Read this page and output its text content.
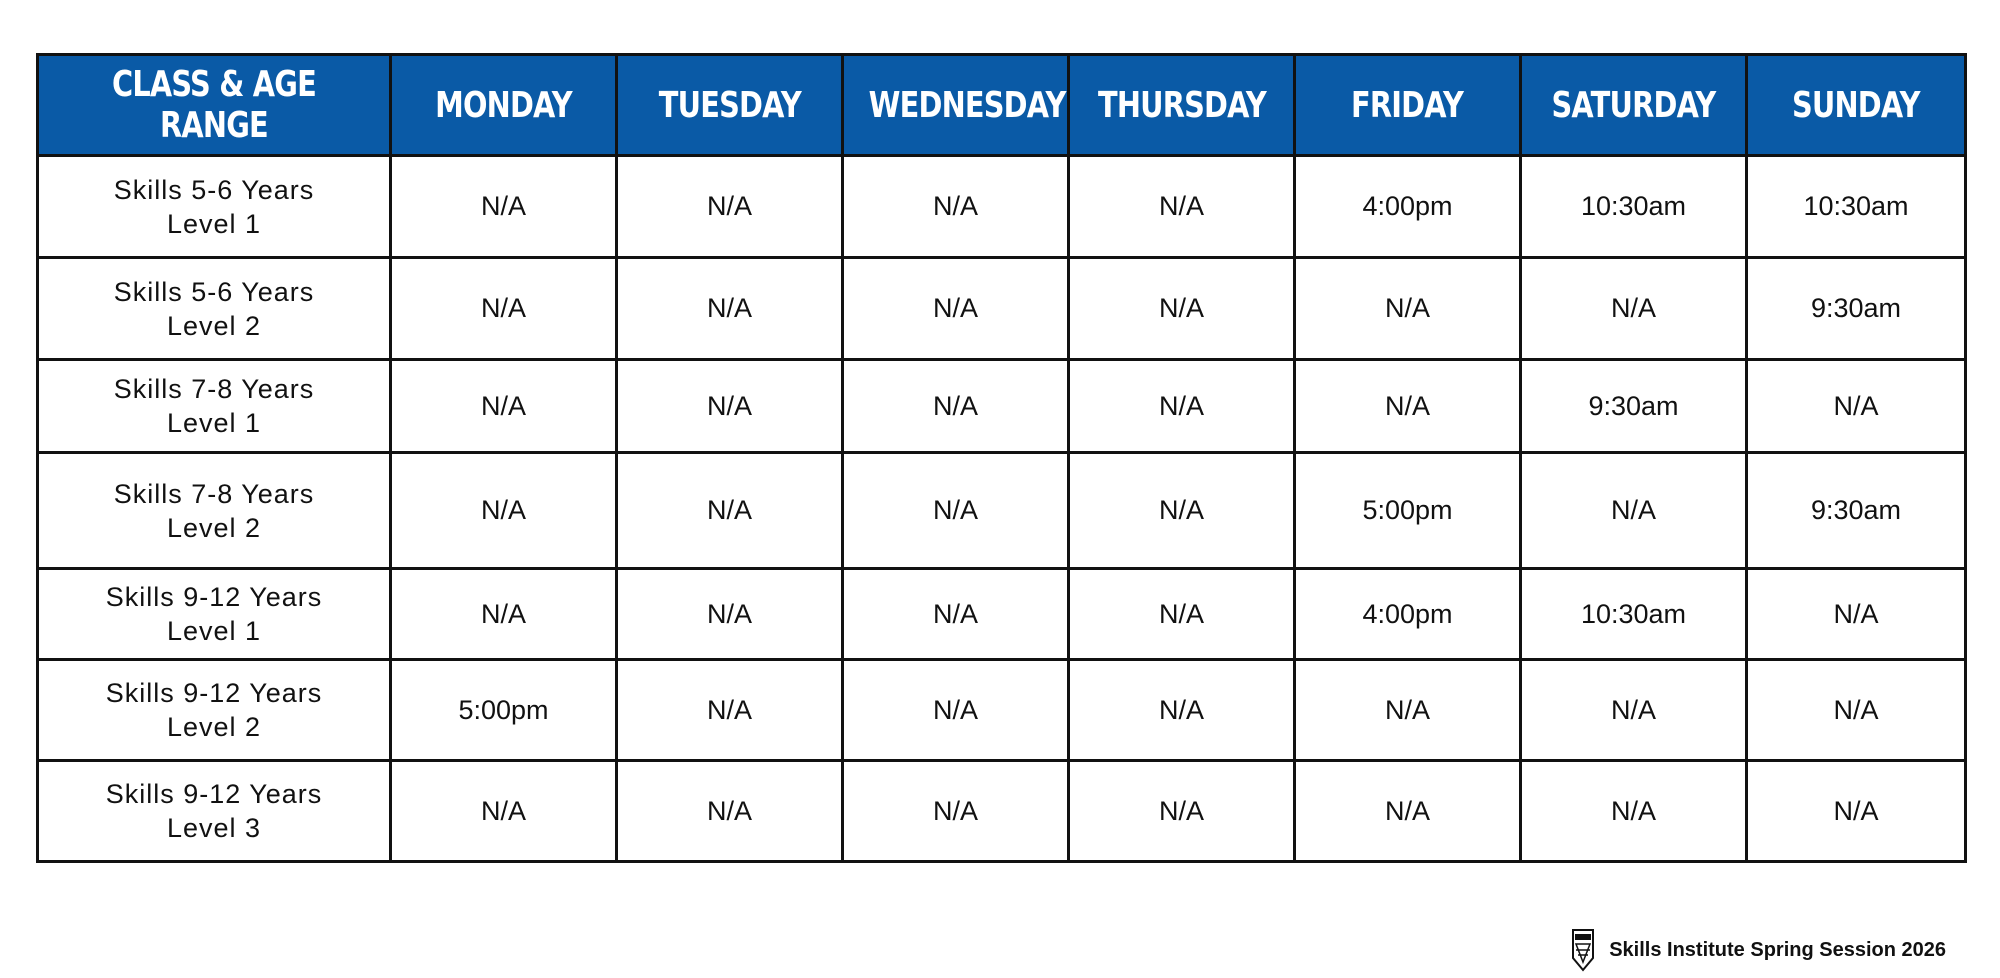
CLASS & AGE RANGE	MONDAY	TUESDAY	WEDNESDAY	THURSDAY	FRIDAY	SATURDAY	SUNDAY

Skills 5-6 Years
Level 1	N/A	N/A	N/A	N/A	4:00pm	10:30am	10:30am

Skills 5-6 Years
Level 2	N/A	N/A	N/A	N/A	N/A	N/A	9:30am

Skills 7-8 Years
Level 1	N/A	N/A	N/A	N/A	N/A	9:30am	N/A

Skills 7-8 Years
Level 2	N/A	N/A	N/A	N/A	5:00pm	N/A	9:30am

Skills 9-12 Years
Level 1	N/A	N/A	N/A	N/A	4:00pm	10:30am	N/A

Skills 9-12 Years
Level 2	5:00pm	N/A	N/A	N/A	N/A	N/A	N/A

Skills 9-12 Years
Level 3	N/A	N/A	N/A	N/A	N/A	N/A	N/A
Skills Institute Spring Session 2026
